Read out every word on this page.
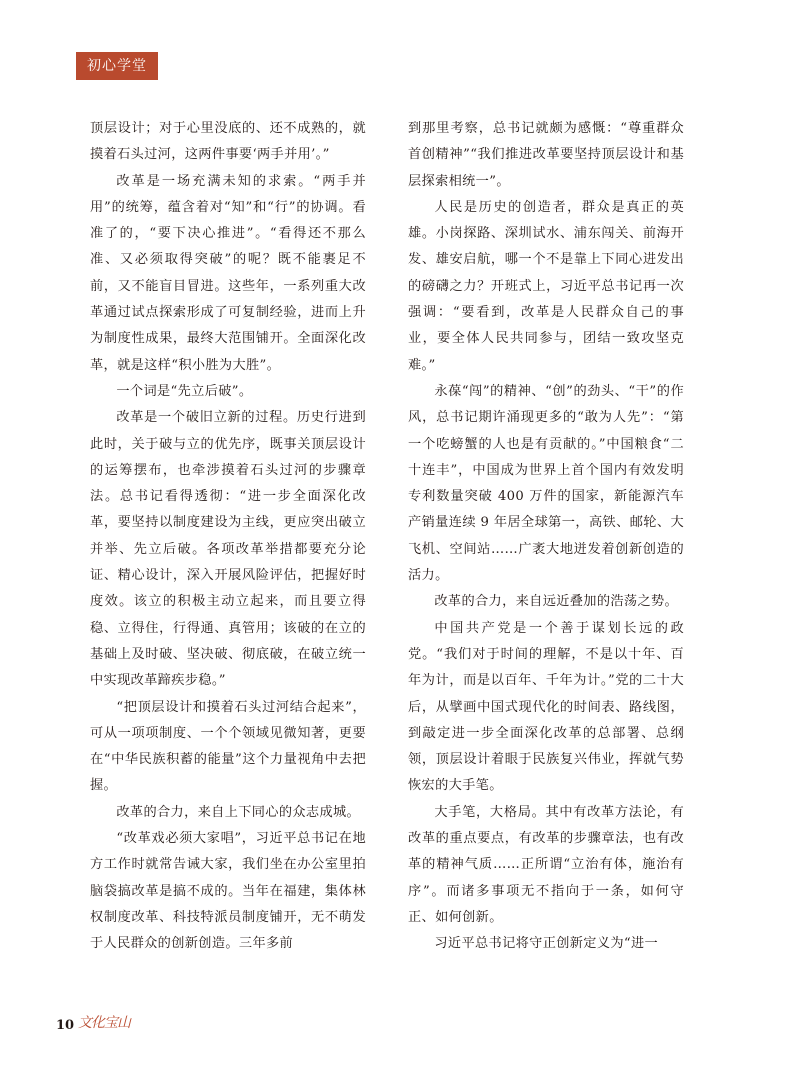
初心学堂

顶层设计；对于心里没底的、还不成熟的，就摸着石头过河，这两件事要‘两手并用’。”

改革是一场充满未知的求索。“两手并用”的统筹，蕴含着对“知”和“行”的协调。看准了的，“要下决心推进”。“看得还不那么准、又必须取得突破”的呢？既不能裹足不前，又不能盲目冒进。这些年，一系列重大改革通过试点探索形成了可复制经验，进而上升为制度性成果，最终大范围铺开。全面深化改革，就是这样“积小胜为大胜”。

一个词是“先立后破”。

改革是一个破旧立新的过程。历史行进到此时，关于破与立的优先序，既事关顶层设计的运筹摆布，也牵涉摸着石头过河的步骤章法。总书记看得透彻：“进一步全面深化改革，要坚持以制度建设为主线，更应突出破立并举、先立后破。各项改革举措都要充分论证、精心设计，深入开展风险评估，把握好时度效。该立的积极主动立起来，而且要立得稳、立得住，行得通、真管用；该破的在立的基础上及时破、坚决破、彻底破，在破立统一中实现改革蹄疾步稳。”

“把顶层设计和摸着石头过河结合起来”，可从一项项制度、一个个领域见微知著，更要在“中华民族积蓄的能量”这个力量视角中去把握。

改革的合力，来自上下同心的众志成城。

“改革戏必须大家唱”，习近平总书记在地方工作时就常告诫大家，我们坐在办公室里拍脑袋搞改革是搞不成的。当年在福建，集体林权制度改革、科技特派员制度铺开，无不萌发于人民群众的创新创造。三年多前

到那里考察，总书记就颇为感慨：“尊重群众首创精神”“我们推进改革要坚持顶层设计和基层探索相统一”。

人民是历史的创造者，群众是真正的英雄。小岗探路、深圳试水、浦东闯关、前海开发、雄安启航，哪一个不是靠上下同心进发出的磅礴之力？开班式上，习近平总书记再一次强调：“要看到，改革是人民群众自己的事业，要全体人民共同参与，团结一致攻坚克难。”

永葆“闯”的精神、“创”的劲头、“干”的作风，总书记期许涌现更多的“敢为人先”：“第一个吃螃蟹的人也是有贡献的。”中国粮食“二十连丰”，中国成为世界上首个国内有效发明专利数量突破 400 万件的国家，新能源汽车产销量连续 9 年居全球第一，高铁、邮轮、大飞机、空间站……广袤大地迸发着创新创造的活力。

改革的合力，来自远近叠加的浩荡之势。

中国共产党是一个善于谋划长远的政党。“我们对于时间的理解，不是以十年、百年为计，而是以百年、千年为计。”党的二十大后，从擘画中国式现代化的时间表、路线图，到敲定进一步全面深化改革的总部署、总纲领，顶层设计着眼于民族复兴伟业，挥就气势恢宏的大手笔。

大手笔，大格局。其中有改革方法论，有改革的重点要点，有改革的步骤章法，也有改革的精神气质……正所谓“立治有体，施治有序”。而诸多事项无不指向于一条，如何守正、如何创新。

习近平总书记将守正创新定义为“进一

10 文化宝山
